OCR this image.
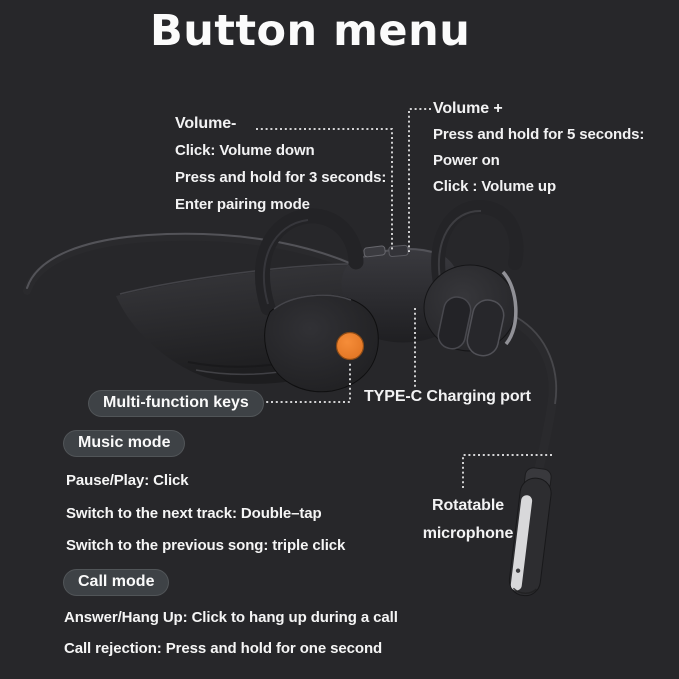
Button menu
Volume-
Click: Volume down
Press and hold for 3 seconds:
Enter pairing mode
Volume +
Press and hold for 5 seconds:
Power on
Click : Volume up
Multi-function keys	TYPE-C Charging port
Rotatable
microphone
Music mode
Pause/Play: Click
Switch to the next track: Double–tap
Switch to the previous song: triple click
Call mode
Answer/Hang Up: Click to hang up during a call
Call rejection: Press and hold for one second
